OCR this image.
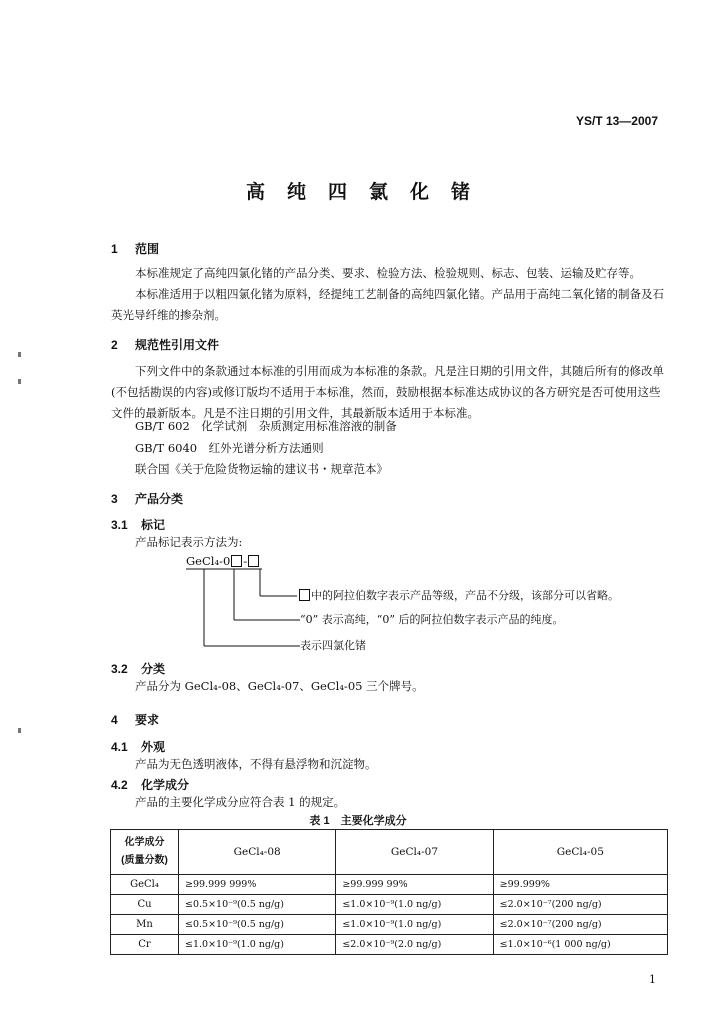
YS/T 13—2007
高纯四氯化锗
1 范围
本标准规定了高纯四氯化锗的产品分类、要求、检验方法、检验规则、标志、包装、运输及贮存等。
本标准适用于以粗四氯化锗为原料，经提纯工艺制备的高纯四氯化锗。产品用于高纯二氧化锗的制备及石英光导纤维的掺杂剂。
2 规范性引用文件
下列文件中的条款通过本标准的引用而成为本标准的条款。凡是注日期的引用文件，其随后所有的修改单(不包括勘误的内容)或修订版均不适用于本标准，然而，鼓励根据本标准达成协议的各方研究是否可使用这些文件的最新版本。凡是不注日期的引用文件，其最新版本适用于本标准。
GB/T 602　化学试剂　杂质测定用标准溶液的制备
GB/T 6040　红外光谱分析方法通则
联合国《关于危险货物运输的建议书・规章范本》
3 产品分类
3.1 标记
产品标记表示方法为:
GeCl₄-0 -
中的阿拉伯数字表示产品等级，产品不分级，该部分可以省略。
“0” 表示高纯，“0” 后的阿拉伯数字表示产品的纯度。
表示四氯化锗
3.2 分类
产品分为 GeCl₄-08、GeCl₄-07、GeCl₄-05 三个牌号。
4 要求
4.1 外观
产品为无色透明液体，不得有悬浮物和沉淀物。
4.2 化学成分
产品的主要化学成分应符合表 1 的规定。
表 1　主要化学成分
化学成分
(质量分数)	GeCl₄-08	GeCl₄-07	GeCl₄-05
GeCl₄	≥99.999 999%	≥99.999 99%	≥99.999%
Cu	≤0.5×10⁻⁹(0.5 ng/g)	≤1.0×10⁻⁹(1.0 ng/g)	≤2.0×10⁻⁷(200 ng/g)
Mn	≤0.5×10⁻⁹(0.5 ng/g)	≤1.0×10⁻⁹(1.0 ng/g)	≤2.0×10⁻⁷(200 ng/g)
Cr	≤1.0×10⁻⁹(1.0 ng/g)	≤2.0×10⁻⁹(2.0 ng/g)	≤1.0×10⁻⁶(1 000 ng/g)
1
